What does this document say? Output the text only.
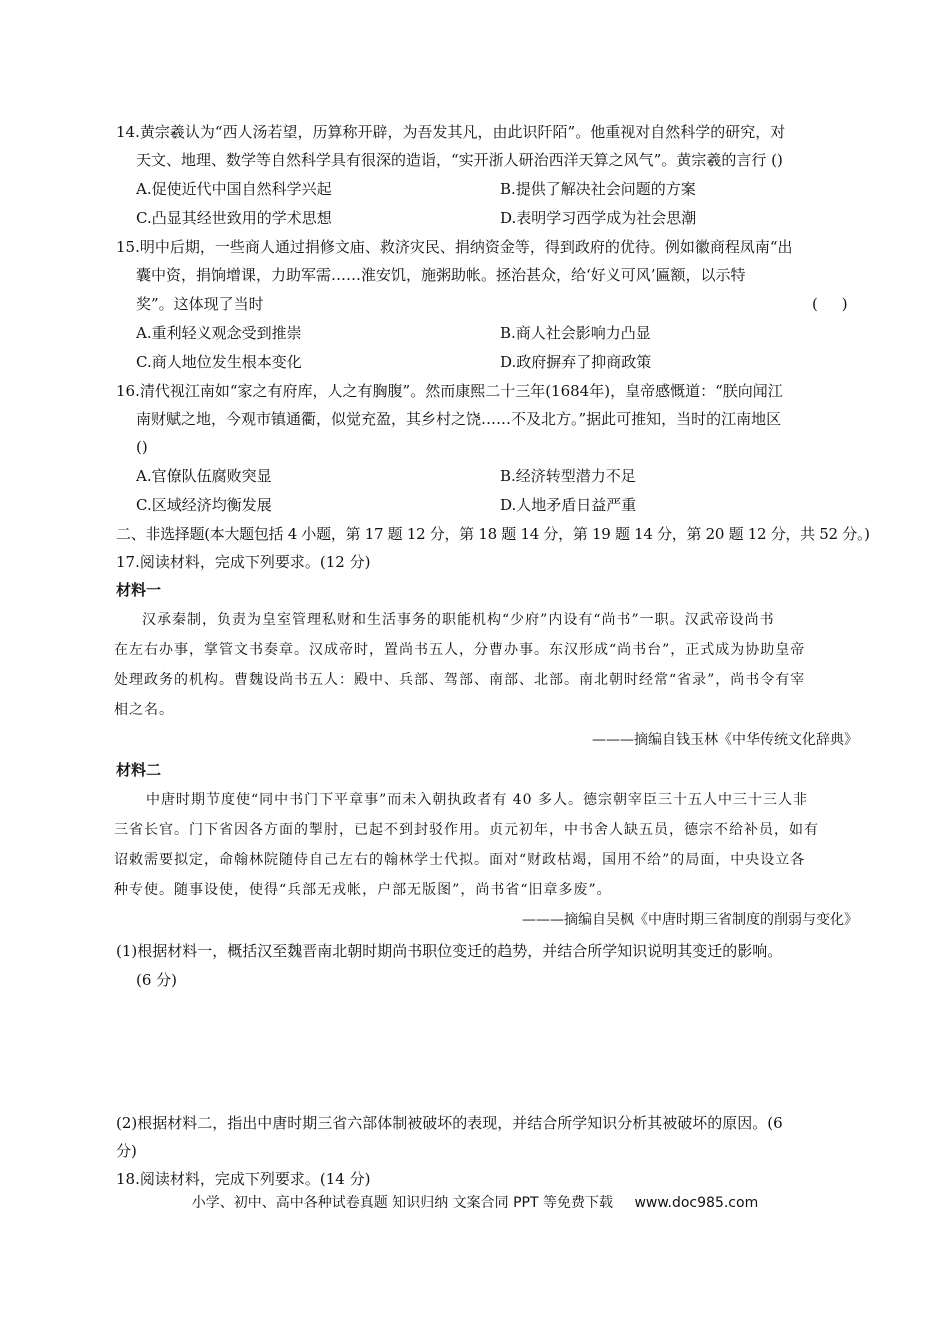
14.黄宗羲认为“西人汤若望，历算称开辟，为吾发其凡，由此识阡陌”。他重视对自然科学的研究，对
天文、地理、数学等自然科学具有很深的造诣，“实开浙人研治西洋天算之风气”。黄宗羲的言行 ()
A.促使近代中国自然科学兴起	B.提供了解决社会问题的方案
C.凸显其经世致用的学术思想	D.表明学习西学成为社会思潮
15.明中后期，一些商人通过捐修文庙、救济灾民、捐纳资金等，得到政府的优待。例如徽商程凤南“出
囊中资，捐饷增课，力助军需……淮安饥，施粥助帐。拯治甚众，给‘好义可风’匾额，以示特
奖”。这体现了当时	(     )
A.重利轻义观念受到推崇	B.商人社会影响力凸显
C.商人地位发生根本变化	D.政府摒弃了抑商政策
16.清代视江南如“家之有府库，人之有胸腹”。然而康熙二十三年(1684年)，皇帝感慨道：“朕向闻江
南财赋之地，今观市镇通衢，似觉充盈，其乡村之饶……不及北方。”据此可推知，当时的江南地区
()
A.官僚队伍腐败突显	B.经济转型潜力不足
C.区域经济均衡发展	D.人地矛盾日益严重
二、非选择题(本大题包括 4 小题，第 17 题 12 分，第 18 题 14 分，第 19 题 14 分，第 20 题 12 分，共 52 分。)
17.阅读材料，完成下列要求。(12 分)
材料一
汉承秦制，负责为皇室管理私财和生活事务的职能机构“少府”内设有“尚书”一职。汉武帝设尚书
在左右办事，掌管文书奏章。汉成帝时，置尚书五人，分曹办事。东汉形成“尚书台”，正式成为协助皇帝
处理政务的机构。曹魏设尚书五人：殿中、兵部、驾部、南部、北部。南北朝时经常“省录”，尚书令有宰
相之名。
———摘编自钱玉林《中华传统文化辞典》
材料二
中唐时期节度使“同中书门下平章事”而未入朝执政者有 40 多人。德宗朝宰臣三十五人中三十三人非
三省长官。门下省因各方面的掣肘，已起不到封驳作用。贞元初年，中书舍人缺五员，德宗不给补员，如有
诏敕需要拟定，命翰林院随侍自己左右的翰林学士代拟。面对“财政枯竭，国用不给”的局面，中央设立各
种专使。随事设使，使得“兵部无戎帐，户部无版图”，尚书省“旧章多废”。
———摘编自吴枫《中唐时期三省制度的削弱与变化》
(1)根据材料一，概括汉至魏晋南北朝时期尚书职位变迁的趋势，并结合所学知识说明其变迁的影响。
(6 分)
(2)根据材料二，指出中唐时期三省六部体制被破坏的表现，并结合所学知识分析其被破坏的原因。(6
分)
18.阅读材料，完成下列要求。(14 分)
小学、初中、高中各种试卷真题 知识归纳 文案合同 PPT 等免费下载 www.doc985.com
